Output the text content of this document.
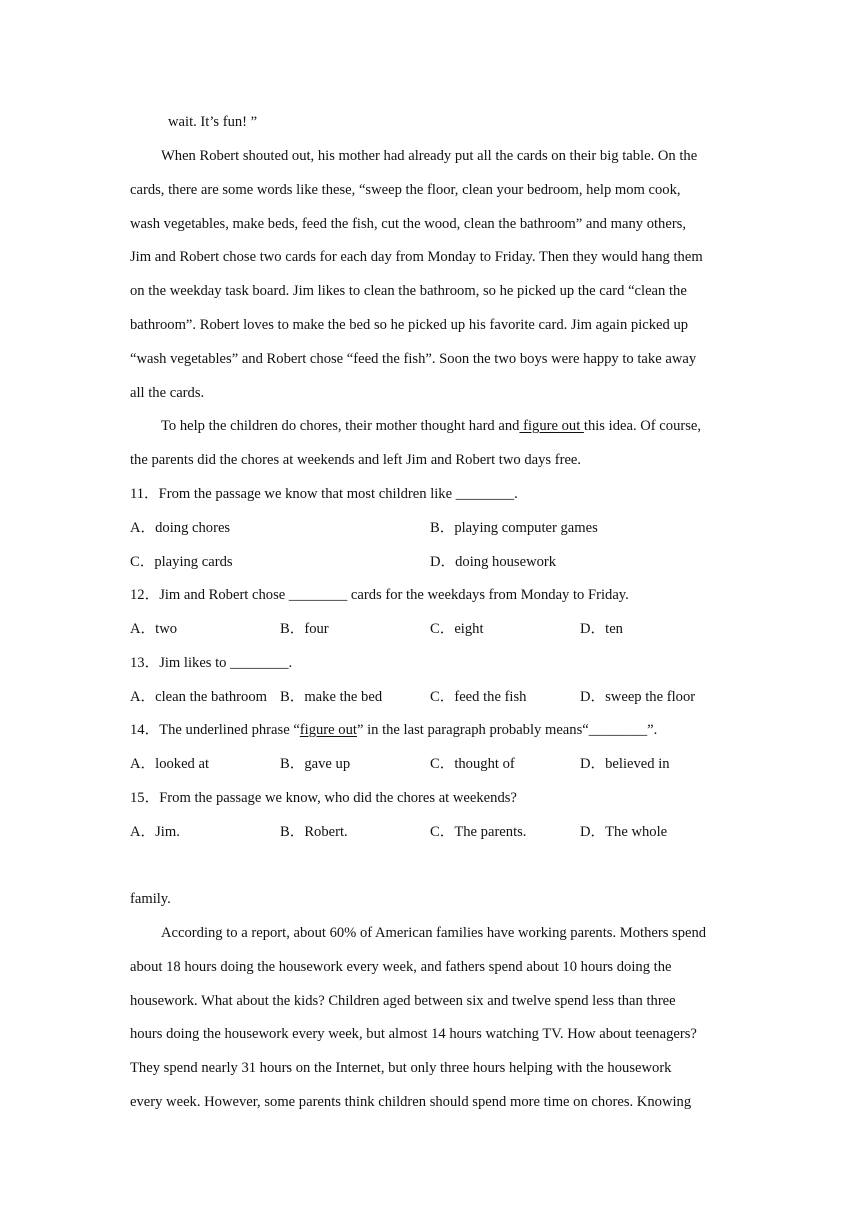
wait. It’s fun! ”
When Robert shouted out, his mother had already put all the cards on their big table. On the
cards, there are some words like these, “sweep the floor, clean your bedroom, help mom cook,
wash vegetables, make beds, feed the fish, cut the wood, clean the bathroom” and many others,
Jim and Robert chose two cards for each day from Monday to Friday. Then they would hang them
on the weekday task board. Jim likes to clean the bathroom, so he picked up the card “clean the
bathroom”. Robert loves to make the bed so he picked up his favorite card. Jim again picked up
“wash vegetables” and Robert chose “feed the fish”. Soon the two boys were happy to take away
all the cards.
To help the children do chores, their mother thought hard and figure out this idea. Of course,
the parents did the chores at weekends and left Jim and Robert two days free.
11．From the passage we know that most children like ________.
A．doing chores	B．playing computer games
C．playing cards	D．doing housework
12．Jim and Robert chose ________ cards for the weekdays from Monday to Friday.
A．two	B．four	C．eight	D．ten
13．Jim likes to ________.
A．clean the bathroom B．make the bed	C．feed the fish	D．sweep the floor
14．The underlined phrase “figure out” in the last paragraph probably means“________”.
A．looked at	B．gave up	C．thought of	D．believed in
15．From the passage we know, who did the chores at weekends?
A．Jim.	B．Robert.	C．The parents.	D．The whole
family.
According to a report, about 60% of American families have working parents. Mothers spend
about 18 hours doing the housework every week, and fathers spend about 10 hours doing the
housework. What about the kids? Children aged between six and twelve spend less than three
hours doing the housework every week, but almost 14 hours watching TV. How about teenagers?
They spend nearly 31 hours on the Internet, but only three hours helping with the housework
every week. However, some parents think children should spend more time on chores. Knowing
